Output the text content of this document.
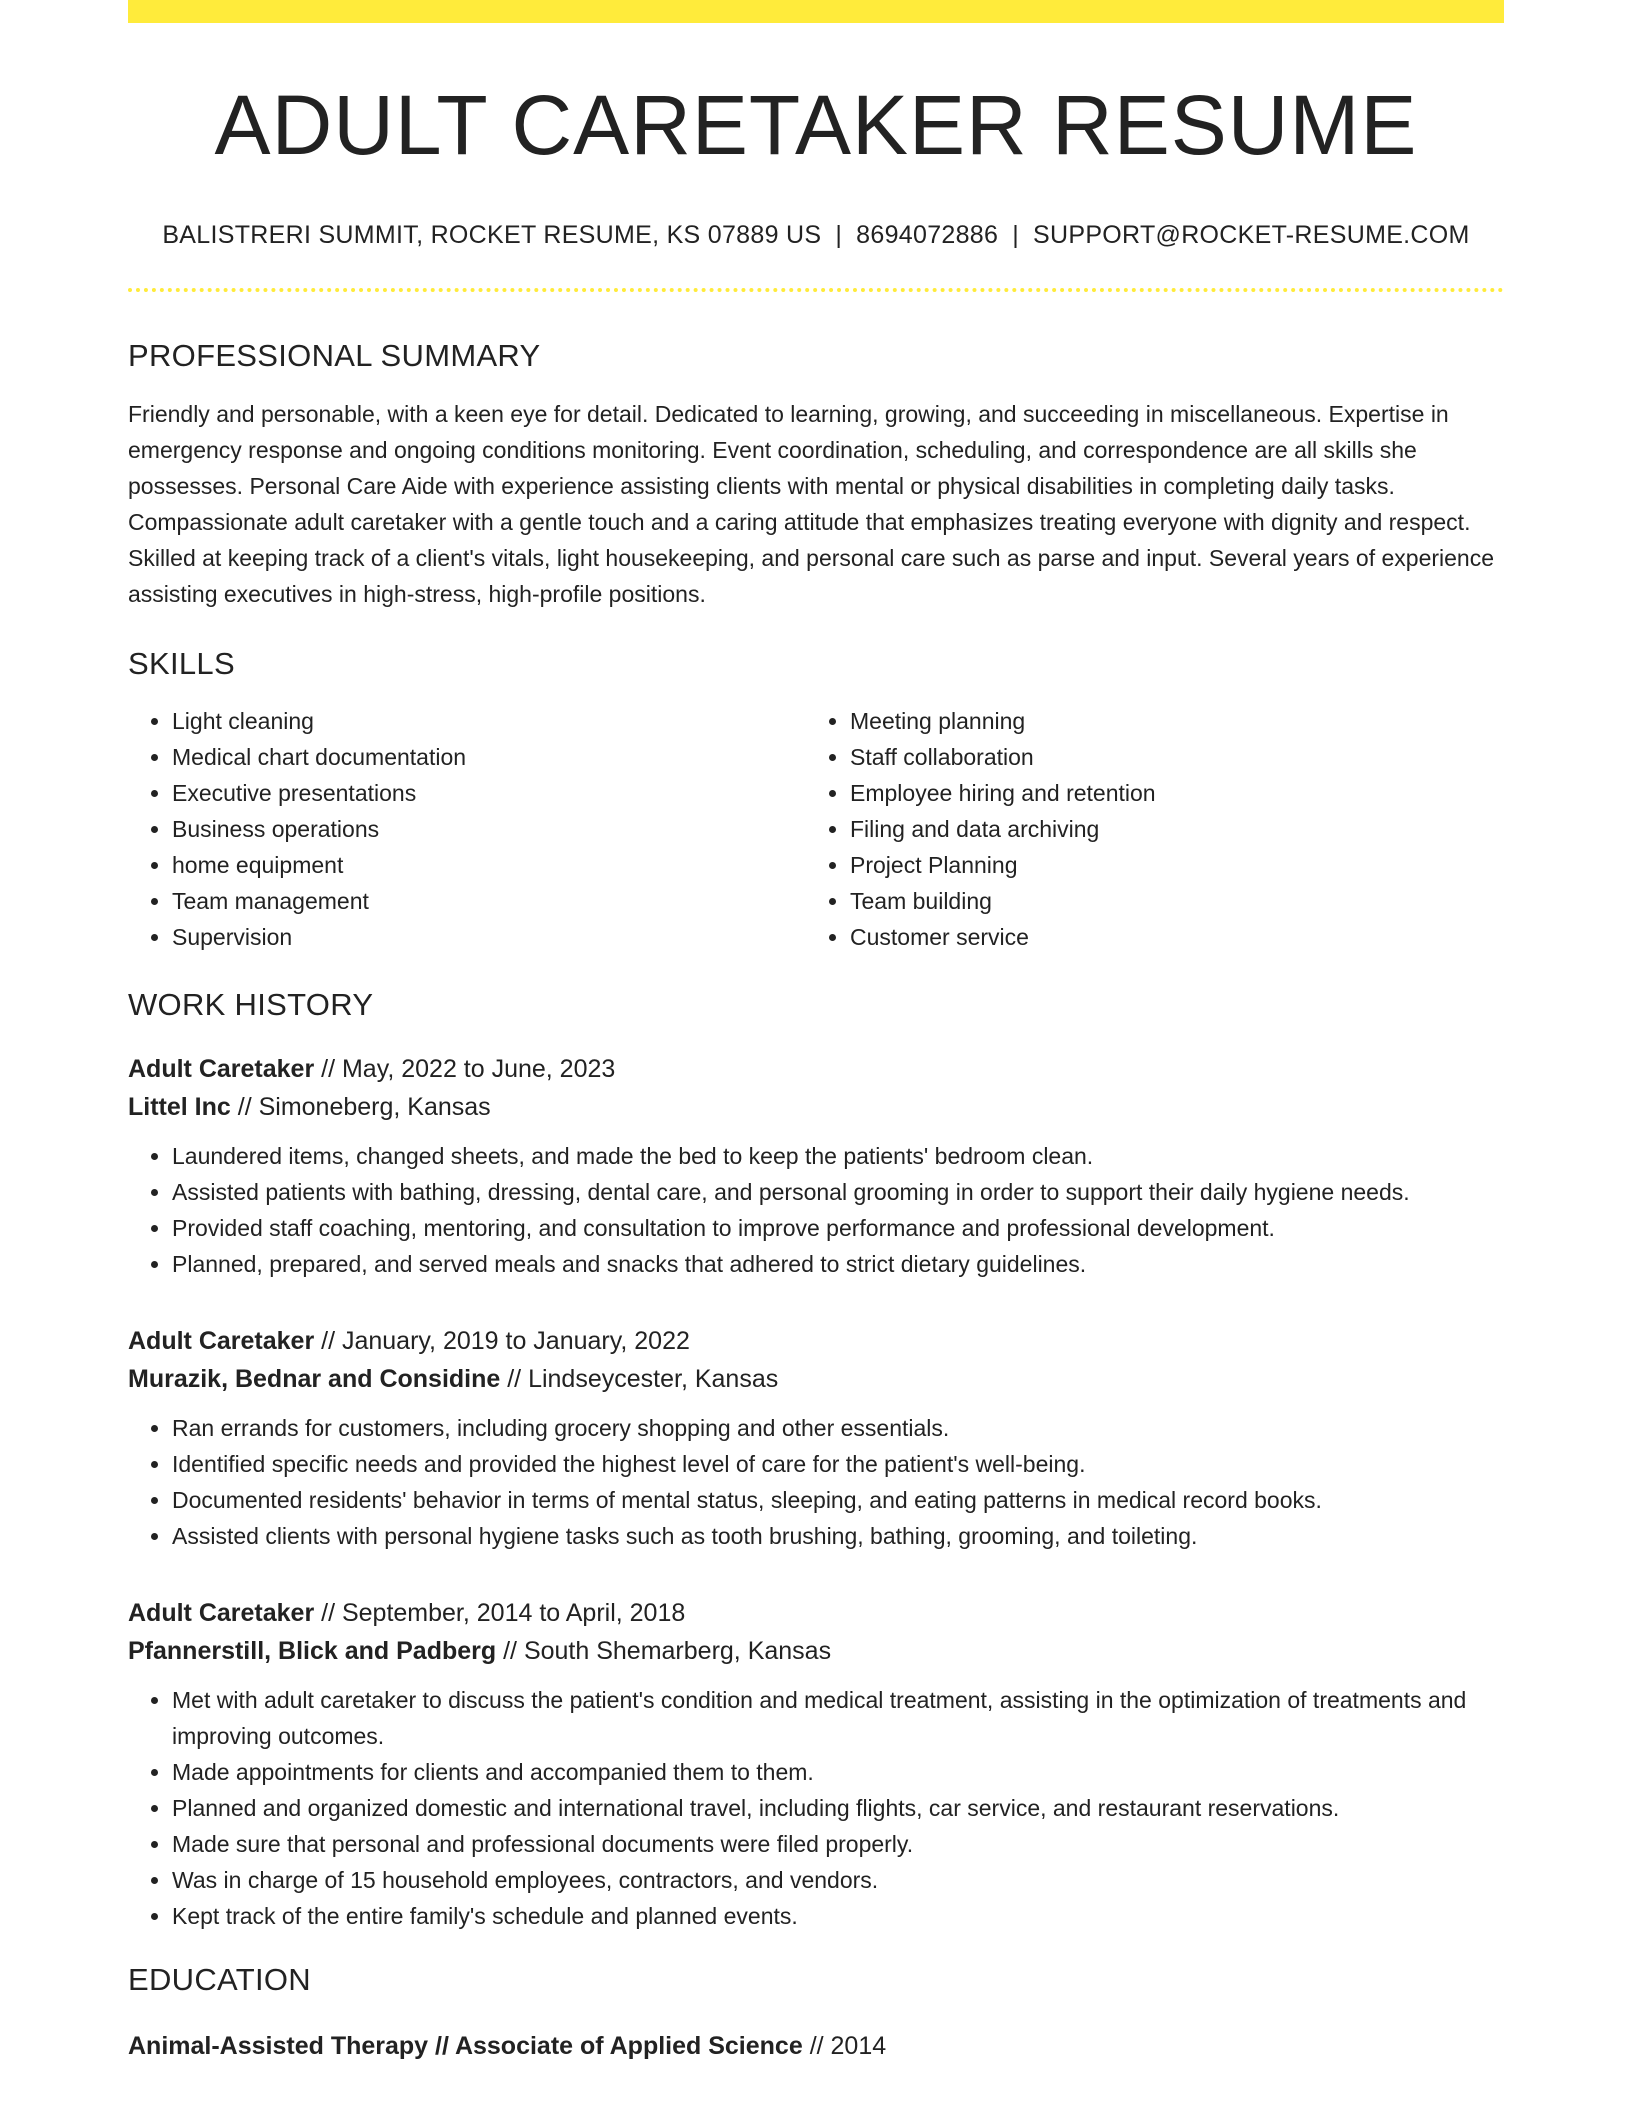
ADULT CARETAKER RESUME
BALISTRERI SUMMIT, ROCKET RESUME, KS 07889 US | 8694072886 | SUPPORT@ROCKET-RESUME.COM
PROFESSIONAL SUMMARY
Friendly and personable, with a keen eye for detail. Dedicated to learning, growing, and succeeding in miscellaneous. Expertise in emergency response and ongoing conditions monitoring. Event coordination, scheduling, and correspondence are all skills she possesses. Personal Care Aide with experience assisting clients with mental or physical disabilities in completing daily tasks. Compassionate adult caretaker with a gentle touch and a caring attitude that emphasizes treating everyone with dignity and respect. Skilled at keeping track of a client's vitals, light housekeeping, and personal care such as parse and input. Several years of experience assisting executives in high-stress, high-profile positions.
SKILLS
• Light cleaning
• Medical chart documentation
• Executive presentations
• Business operations
• home equipment
• Team management
• Supervision
• Meeting planning
• Staff collaboration
• Employee hiring and retention
• Filing and data archiving
• Project Planning
• Team building
• Customer service
WORK HISTORY
Adult Caretaker // May, 2022 to June, 2023
Littel Inc // Simoneberg, Kansas
• Laundered items, changed sheets, and made the bed to keep the patients' bedroom clean.
• Assisted patients with bathing, dressing, dental care, and personal grooming in order to support their daily hygiene needs.
• Provided staff coaching, mentoring, and consultation to improve performance and professional development.
• Planned, prepared, and served meals and snacks that adhered to strict dietary guidelines.
Adult Caretaker // January, 2019 to January, 2022
Murazik, Bednar and Considine // Lindseycester, Kansas
• Ran errands for customers, including grocery shopping and other essentials.
• Identified specific needs and provided the highest level of care for the patient's well-being.
• Documented residents' behavior in terms of mental status, sleeping, and eating patterns in medical record books.
• Assisted clients with personal hygiene tasks such as tooth brushing, bathing, grooming, and toileting.
Adult Caretaker // September, 2014 to April, 2018
Pfannerstill, Blick and Padberg // South Shemarberg, Kansas
• Met with adult caretaker to discuss the patient's condition and medical treatment, assisting in the optimization of treatments and improving outcomes.
• Made appointments for clients and accompanied them to them.
• Planned and organized domestic and international travel, including flights, car service, and restaurant reservations.
• Made sure that personal and professional documents were filed properly.
• Was in charge of 15 household employees, contractors, and vendors.
• Kept track of the entire family's schedule and planned events.
EDUCATION
Animal-Assisted Therapy // Associate of Applied Science // 2014
